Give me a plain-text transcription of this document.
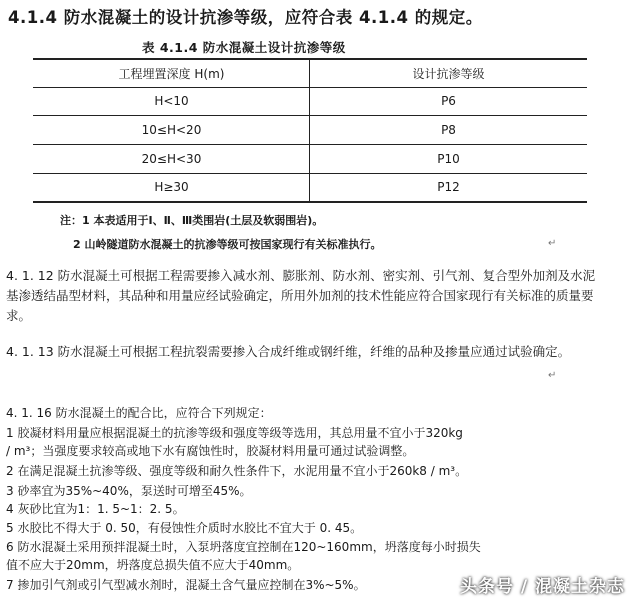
4.1.4 防水混凝土的设计抗渗等级，应符合表 4.1.4 的规定。
表 4.1.4 防水混凝土设计抗渗等级
工程埋置深度 H(m)	设计抗渗等级
H<10	P6
10≤H<20	P8
20≤H<30	P10
H≥30	P12
注：1 本表适用于Ⅰ、Ⅱ、Ⅲ类围岩(土层及软弱围岩)。
2 山岭隧道防水混凝土的抗渗等级可按国家现行有关标准执行。	↵
4. 1. 12 防水混凝土可根据工程需要掺入减水剂、膨胀剂、防水剂、密实剂、引气剂、复合型外加剂及水泥基渗透结晶型材料，其品种和用量应经试验确定，所用外加剂的技术性能应符合国家现行有关标准的质量要求。
4. 1. 13 防水混凝土可根据工程抗裂需要掺入合成纤维或钢纤维，纤维的品种及掺量应通过试验确定。
↵
4. 1. 16 防水混凝土的配合比，应符合下列规定：
1 胶凝材料用量应根据混凝土的抗渗等级和强度等级等选用，其总用量不宜小于320kg
/ m³；当强度要求较高或地下水有腐蚀性时，胶凝材料用量可通过试验调整。
2 在满足混凝土抗渗等级、强度等级和耐久性条件下，水泥用量不宜小于260k8 / m³。
3 砂率宜为35%~40%，泵送时可增至45%。
4 灰砂比宜为1：1. 5~1：2. 5。
5 水胶比不得大于 0. 50，有侵蚀性介质时水胶比不宜大于 0. 45。
6 防水混凝土采用预拌混凝土时，入泵坍落度宜控制在120~160mm，坍落度每小时损失
值不应大于20mm，坍落度总损失值不应大于40mm。
7 掺加引气剂或引气型减水剂时，混凝土含气量应控制在3%~5%。	头条号 / 混凝土杂志
